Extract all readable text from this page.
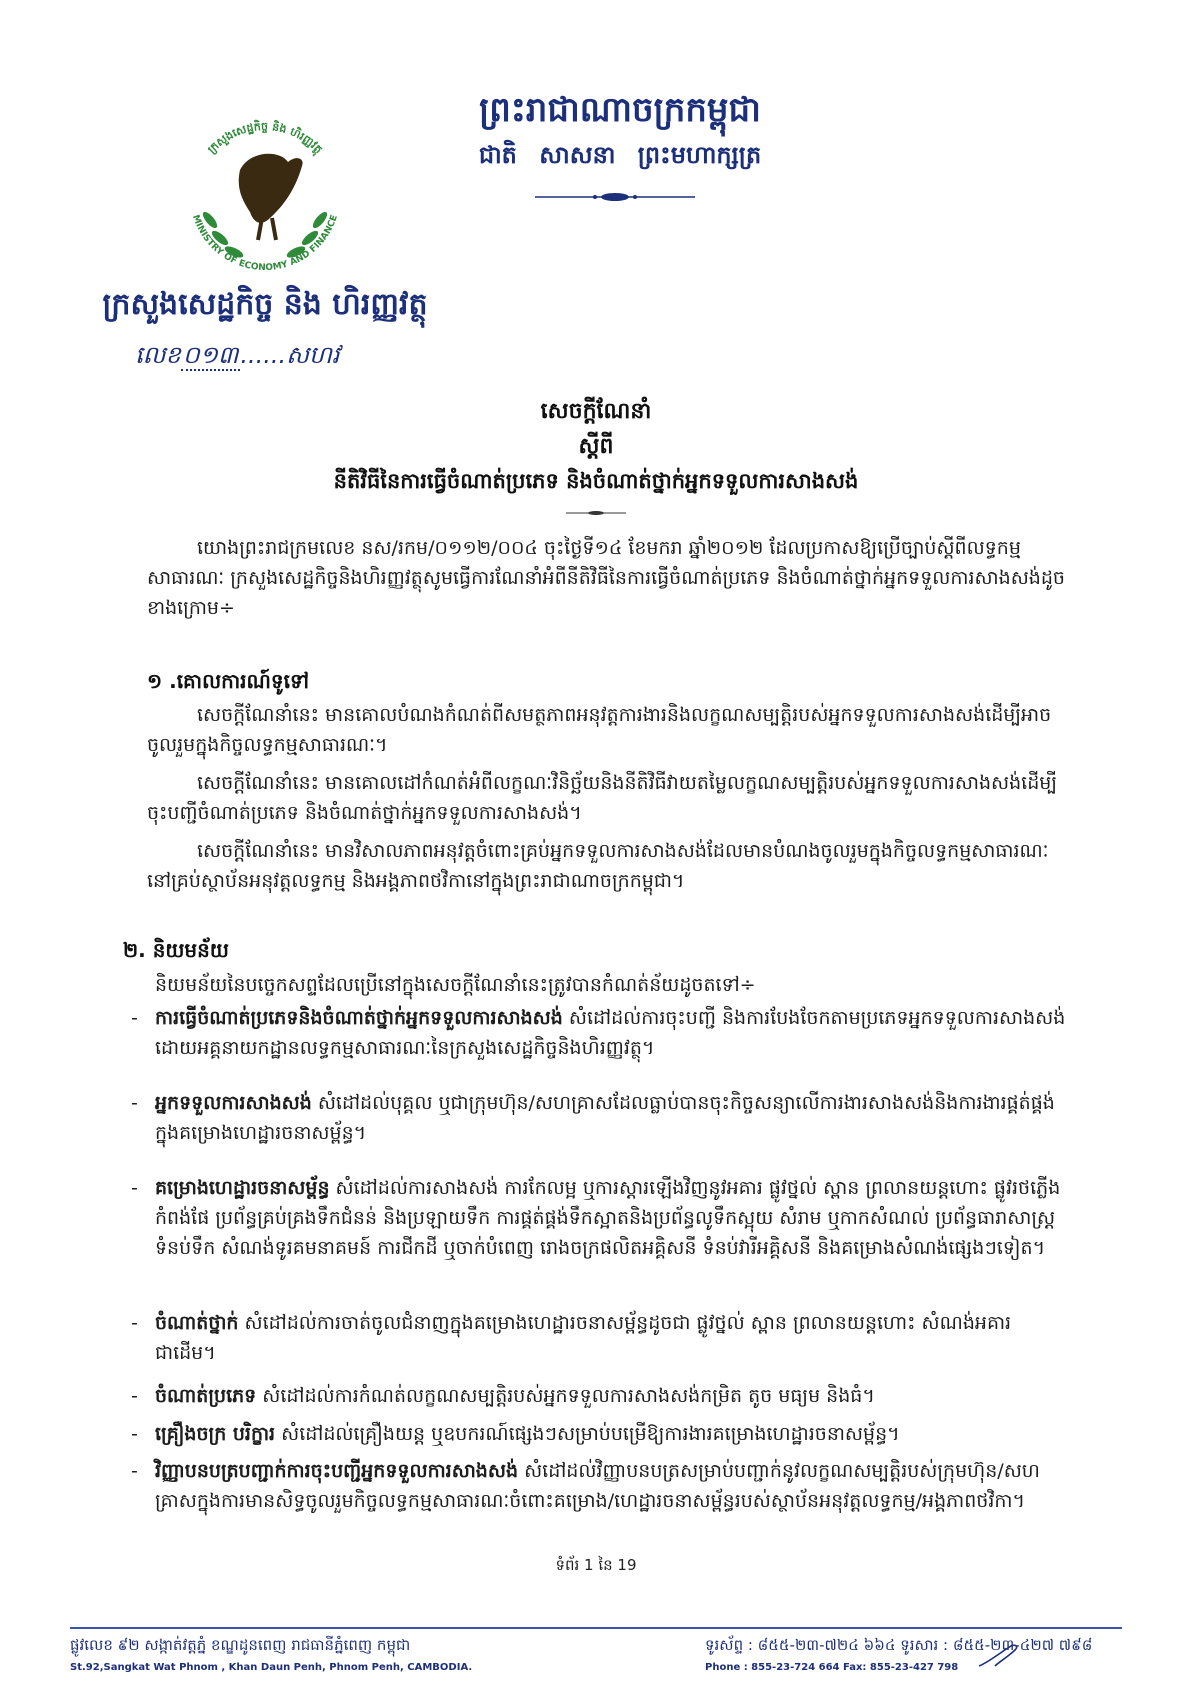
ក្រសួងសេដ្ឋកិច្ច និង ហិរញ្ញវត្ថុ
MINISTRY OF ECONOMY AND FINANCE
ក្រសួងសេដ្ឋកិច្ច និង ហិរញ្ញវត្ថុ
លេខ០១៣......សហវ
ព្រះរាជាណាចក្រកម្ពុជា
ជាតិ សាសនា ព្រះមហាក្សត្រ
សេចក្តីណែនាំ
ស្តីពី
នីតិវិធីនៃការធ្វើចំណាត់ប្រភេទ និងចំណាត់ថ្នាក់អ្នកទទួលការសាងសង់
យោងព្រះរាជក្រមលេខ នស/រកម/០១១២/០០៤ ចុះថ្ងៃទី១៤ ខែមករា ឆ្នាំ២០១២ ដែលប្រកាសឱ្យប្រើច្បាប់ស្តីពីលទ្ធកម្មសាធារណៈ ក្រសួងសេដ្ឋកិច្ចនិងហិរញ្ញវត្ថុសូមធ្វើការណែនាំអំពីនីតិវិធីនៃការធ្វើចំណាត់ប្រភេទ និងចំណាត់ថ្នាក់អ្នកទទួលការសាងសង់ដូចខាងក្រោម÷
១ .គោលការណ៍ទូទៅ
សេចក្តីណែនាំនេះ មានគោលបំណងកំណត់ពីសមត្ថភាពអនុវត្តការងារនិងលក្ខណសម្បត្តិរបស់អ្នកទទួលការសាងសង់ដើម្បីអាចចូលរួមក្នុងកិច្ចលទ្ធកម្មសាធារណៈ។
សេចក្តីណែនាំនេះ មានគោលដៅកំណត់អំពីលក្ខណៈវិនិច្ឆ័យនិងនីតិវិធីវាយតម្លៃលក្ខណសម្បត្តិរបស់អ្នកទទួលការសាងសង់ដើម្បីចុះបញ្ជីចំណាត់ប្រភេទ និងចំណាត់ថ្នាក់អ្នកទទួលការសាងសង់។
សេចក្តីណែនាំនេះ មានវិសាលភាពអនុវត្តចំពោះគ្រប់អ្នកទទួលការសាងសង់ដែលមានបំណងចូលរួមក្នុងកិច្ចលទ្ធកម្មសាធារណៈនៅគ្រប់ស្ថាប័នអនុវត្តលទ្ធកម្ម និងអង្គភាពថវិកានៅក្នុងព្រះរាជាណាចក្រកម្ពុជា។
២. និយមន័យ
និយមន័យនៃបច្ចេកសព្ទដែលប្រើនៅក្នុងសេចក្តីណែនាំនេះត្រូវបានកំណត់ន័យដូចតទៅ÷
- ការធ្វើចំណាត់ប្រភេទនិងចំណាត់ថ្នាក់អ្នកទទួលការសាងសង់ សំដៅដល់ការចុះបញ្ជី និងការបែងចែកតាមប្រភេទអ្នកទទួលការសាងសង់ ដោយអគ្គនាយកដ្ឋានលទ្ធកម្មសាធារណៈនៃក្រសួងសេដ្ឋកិច្ចនិងហិរញ្ញវត្ថុ។
- អ្នកទទួលការសាងសង់ សំដៅដល់បុគ្គល ឬជាក្រុមហ៊ុន/សហគ្រាសដែលធ្លាប់បានចុះកិច្ចសន្យាលើការងារសាងសង់និងការងារផ្គត់ផ្គង់ក្នុងគម្រោងហេដ្ឋារចនាសម្ព័ន្ធ។
- គម្រោងហេដ្ឋារចនាសម្ព័ន្ធ សំដៅដល់ការសាងសង់ ការកែលម្អ ឬការស្តារឡើងវិញនូវអគារ ផ្លូវថ្នល់ ស្ពាន ព្រលានយន្តហោះ ផ្លូវរថភ្លើង កំពង់ផែ ប្រព័ន្ធគ្រប់គ្រងទឹកជំនន់ និងប្រឡាយទឹក ការផ្គត់ផ្គង់ទឹកស្អាតនិងប្រព័ន្ធលូទឹកស្អុយ សំរាម ឬកាកសំណល់ ប្រព័ន្ធធារាសាស្ត្រ ទំនប់ទឹក សំណង់ទូរគមនាគមន៍ ការជីកដី ឬចាក់បំពេញ រោងចក្រផលិតអគ្គិសនី ទំនប់វារីអគ្គិសនី និងគម្រោងសំណង់ផ្សេងៗទៀត។
- ចំណាត់ថ្នាក់ សំដៅដល់ការចាត់ចូលជំនាញក្នុងគម្រោងហេដ្ឋារចនាសម្ព័ន្ធដូចជា ផ្លូវថ្នល់ ស្ពាន ព្រលានយន្តហោះ សំណង់អគារ ជាដើម។
- ចំណាត់ប្រភេទ សំដៅដល់ការកំណត់លក្ខណសម្បត្តិរបស់អ្នកទទួលការសាងសង់កម្រិត តូច មធ្យម និងធំ។
- គ្រឿងចក្រ បរិក្ខារ សំដៅដល់គ្រឿងយន្ត ឬឧបករណ៍ផ្សេងៗសម្រាប់បម្រើឱ្យការងារគម្រោងហេដ្ឋារចនាសម្ព័ន្ធ។
- វិញ្ញាបនបត្របញ្ជាក់ការចុះបញ្ជីអ្នកទទួលការសាងសង់ សំដៅដល់វិញ្ញាបនបត្រសម្រាប់បញ្ជាក់នូវលក្ខណសម្បត្តិរបស់ក្រុមហ៊ុន/សហគ្រាសក្នុងការមានសិទ្ធចូលរួមកិច្ចលទ្ធកម្មសាធារណៈចំពោះគម្រោង/ហេដ្ឋារចនាសម្ព័ន្ធរបស់ស្ថាប័នអនុវត្តលទ្ធកម្ម/អង្គភាពថវិកា។
ទំព័រ 1 នៃ 19
ផ្លូវលេខ ៩២ សង្កាត់វត្តភ្នំ ខណ្ឌដូនពេញ រាជធានីភ្នំពេញ កម្ពុជា
St.92,Sangkat Wat Phnom , Khan Daun Penh, Phnom Penh, CAMBODIA.
ទូរស័ព្ទ : ៨៥៥-២៣-៧២៤ ៦៦៤ ទូរសារ : ៨៥៥-២៣-៤២៧ ៧៩៨
Phone : 855-23-724 664 Fax: 855-23-427 798
